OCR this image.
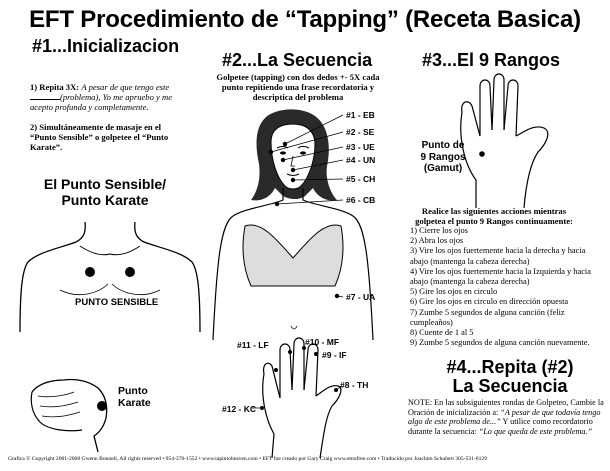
EFT Procedimiento de “Tapping” (Receta Basica)
#1...Inicializacion
1) Repita 3X: A pesar de que tengo este
(problema), Yo me apruebo y me acepto profunda y completamente.
2) Simultáneamente de masaje en el “Punto Sensible” o golpetee el “Punto Karate”.
El Punto Sensible/
Punto Karate
PUNTO SENSIBLE
Punto
Karate
#2...La Secuencia
Golpetee (tapping) con dos dedos +- 5X cada punto repitiendo una frase recordatoria y descriptica del problema
#1 - EB
#2 - SE
#3 - UE
#4 - UN
#5 - CH
#6 - CB
#7 - UA
#11 - LF	#10 - MF
#9 - IF
#8 - TH
#12 - KC
#3...El 9 Rangos
Punto de
9 Rangos
(Gamut)
Realice las siguientes acciones mientras golpetea el punto 9 Rangos continuamente:
1) Cierre los ojos
2) Abra los ojos
3) Vire los ojos fuertemente hacia la derecha y hacia abajo (mantenga la cabeza derecha)
4) Vire los ojos fuertemente hacia la Izquierda y hacia abajo (mantenga la cabeza derecha)
5) Gire los ojos en circulo
6) Gire los ojos en circulo en dirección opuesta
7) Zumbe 5 segundos de alguna canción (feliz cumpleaños)
8) Cuente de 1 al 5
9) Zumbe 5 segundos de alguna canción nuevamente.
#4...Repita (#2)
La Secuencia
NOTE: En las subsiguientes rondas de Golpeteo, Cambie la Oración de inicialización a: “A pesar de que todavía tengo algo de este problema de...” Y utilice como recordatorio durante la secuencia: “Lo que queda de este problema.”
Grafica © Copyright 2001-2008 Gwenn Bonnell, All rights reserved • 954-370-1552 • www.tapintoheaven.com • EFT fue creado por Gary Craig www.emofree.com • Traducido por Joachim Schubert 305-531-8129
